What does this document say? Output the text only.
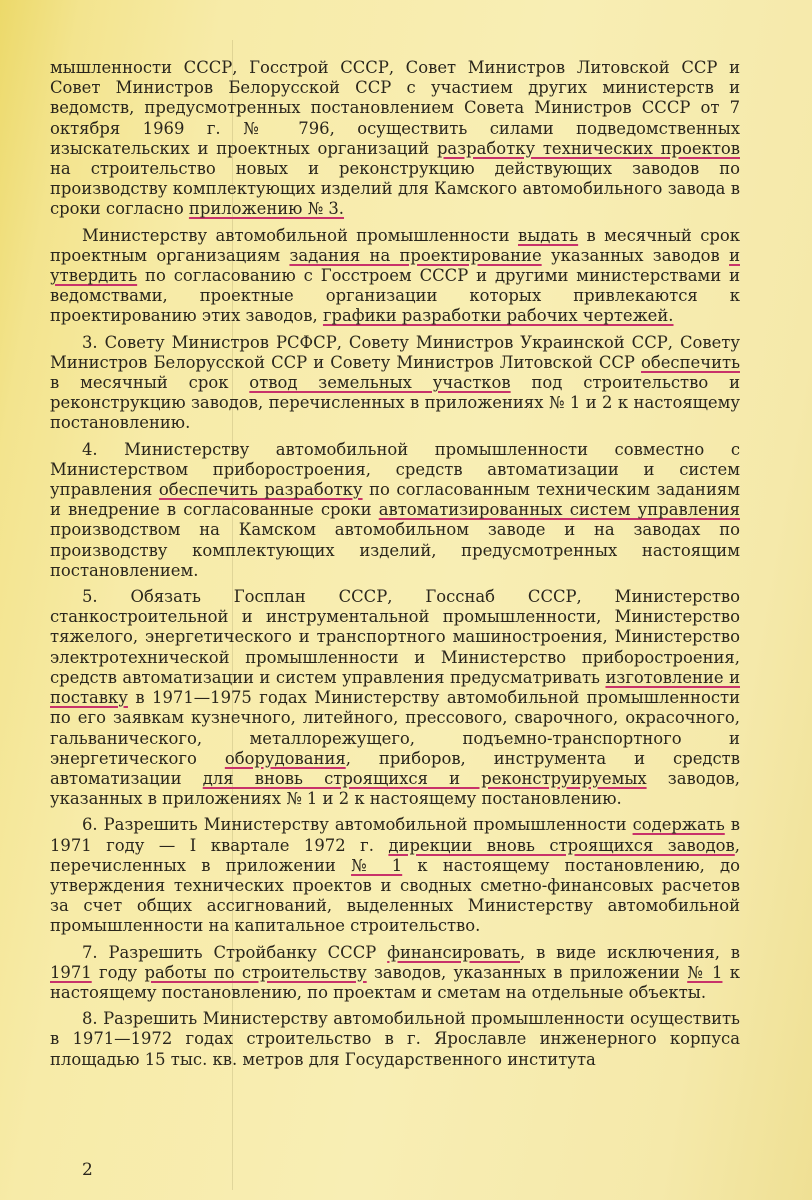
мышленности СССР, Госстрой СССР, Совет Министров Литовской ССР и Совет Министров Белорусской ССР с участием других министерств и ведомств, предусмотренных постановлением Совета Министров СССР от 7 октября 1969 г. № 796, осуществить силами подведомственных изыскательских и проектных организаций разработку технических проектов на строительство новых и реконструкцию действующих заводов по производству комплектующих изделий для Камского автомобильного завода в сроки согласно приложению № 3.

Министерству автомобильной промышленности выдать в месячный срок проектным организациям задания на проектирование указанных заводов и утвердить по согласованию с Госстроем СССР и другими министерствами и ведомствами, проектные организации которых привлекаются к проектированию этих заводов, графики разработки рабочих чертежей.

3. Совету Министров РСФСР, Совету Министров Украинской ССР, Совету Министров Белорусской ССР и Совету Министров Литовской ССР обеспечить в месячный срок отвод земельных участков под строительство и реконструкцию заводов, перечисленных в приложениях № 1 и 2 к настоящему постановлению.

4. Министерству автомобильной промышленности совместно с Министерством приборостроения, средств автоматизации и систем управления обеспечить разработку по согласованным техническим заданиям и внедрение в согласованные сроки автоматизированных систем управления производством на Камском автомобильном заводе и на заводах по производству комплектующих изделий, предусмотренных настоящим постановлением.

5. Обязать Госплан СССР, Госснаб СССР, Министерство станкостроительной и инструментальной промышленности, Министерство тяжелого, энергетического и транспортного машиностроения, Министерство электротехнической промышленности и Министерство приборостроения, средств автоматизации и систем управления предусматривать изготовление и поставку в 1971—1975 годах Министерству автомобильной промышленности по его заявкам кузнечного, литейного, прессового, сварочного, окрасочного, гальванического, металлорежущего, подъемно-транспортного и энергетического оборудования, приборов, инструмента и средств автоматизации для вновь строящихся и реконструируемых заводов, указанных в приложениях № 1 и 2 к настоящему постановлению.

6. Разрешить Министерству автомобильной промышленности содержать в 1971 году — I квартале 1972 г. дирекции вновь строящихся заводов, перечисленных в приложении № 1 к настоящему постановлению, до утверждения технических проектов и сводных сметно-финансовых расчетов за счет общих ассигнований, выделенных Министерству автомобильной промышленности на капитальное строительство.

7. Разрешить Стройбанку СССР финансировать, в виде исключения, в 1971 году работы по строительству заводов, указанных в приложении № 1 к настоящему постановлению, по проектам и сметам на отдельные объекты.

8. Разрешить Министерству автомобильной промышленности осуществить в 1971—1972 годах строительство в г. Ярославле инженерного корпуса площадью 15 тыс. кв. метров для Государственного института

2
